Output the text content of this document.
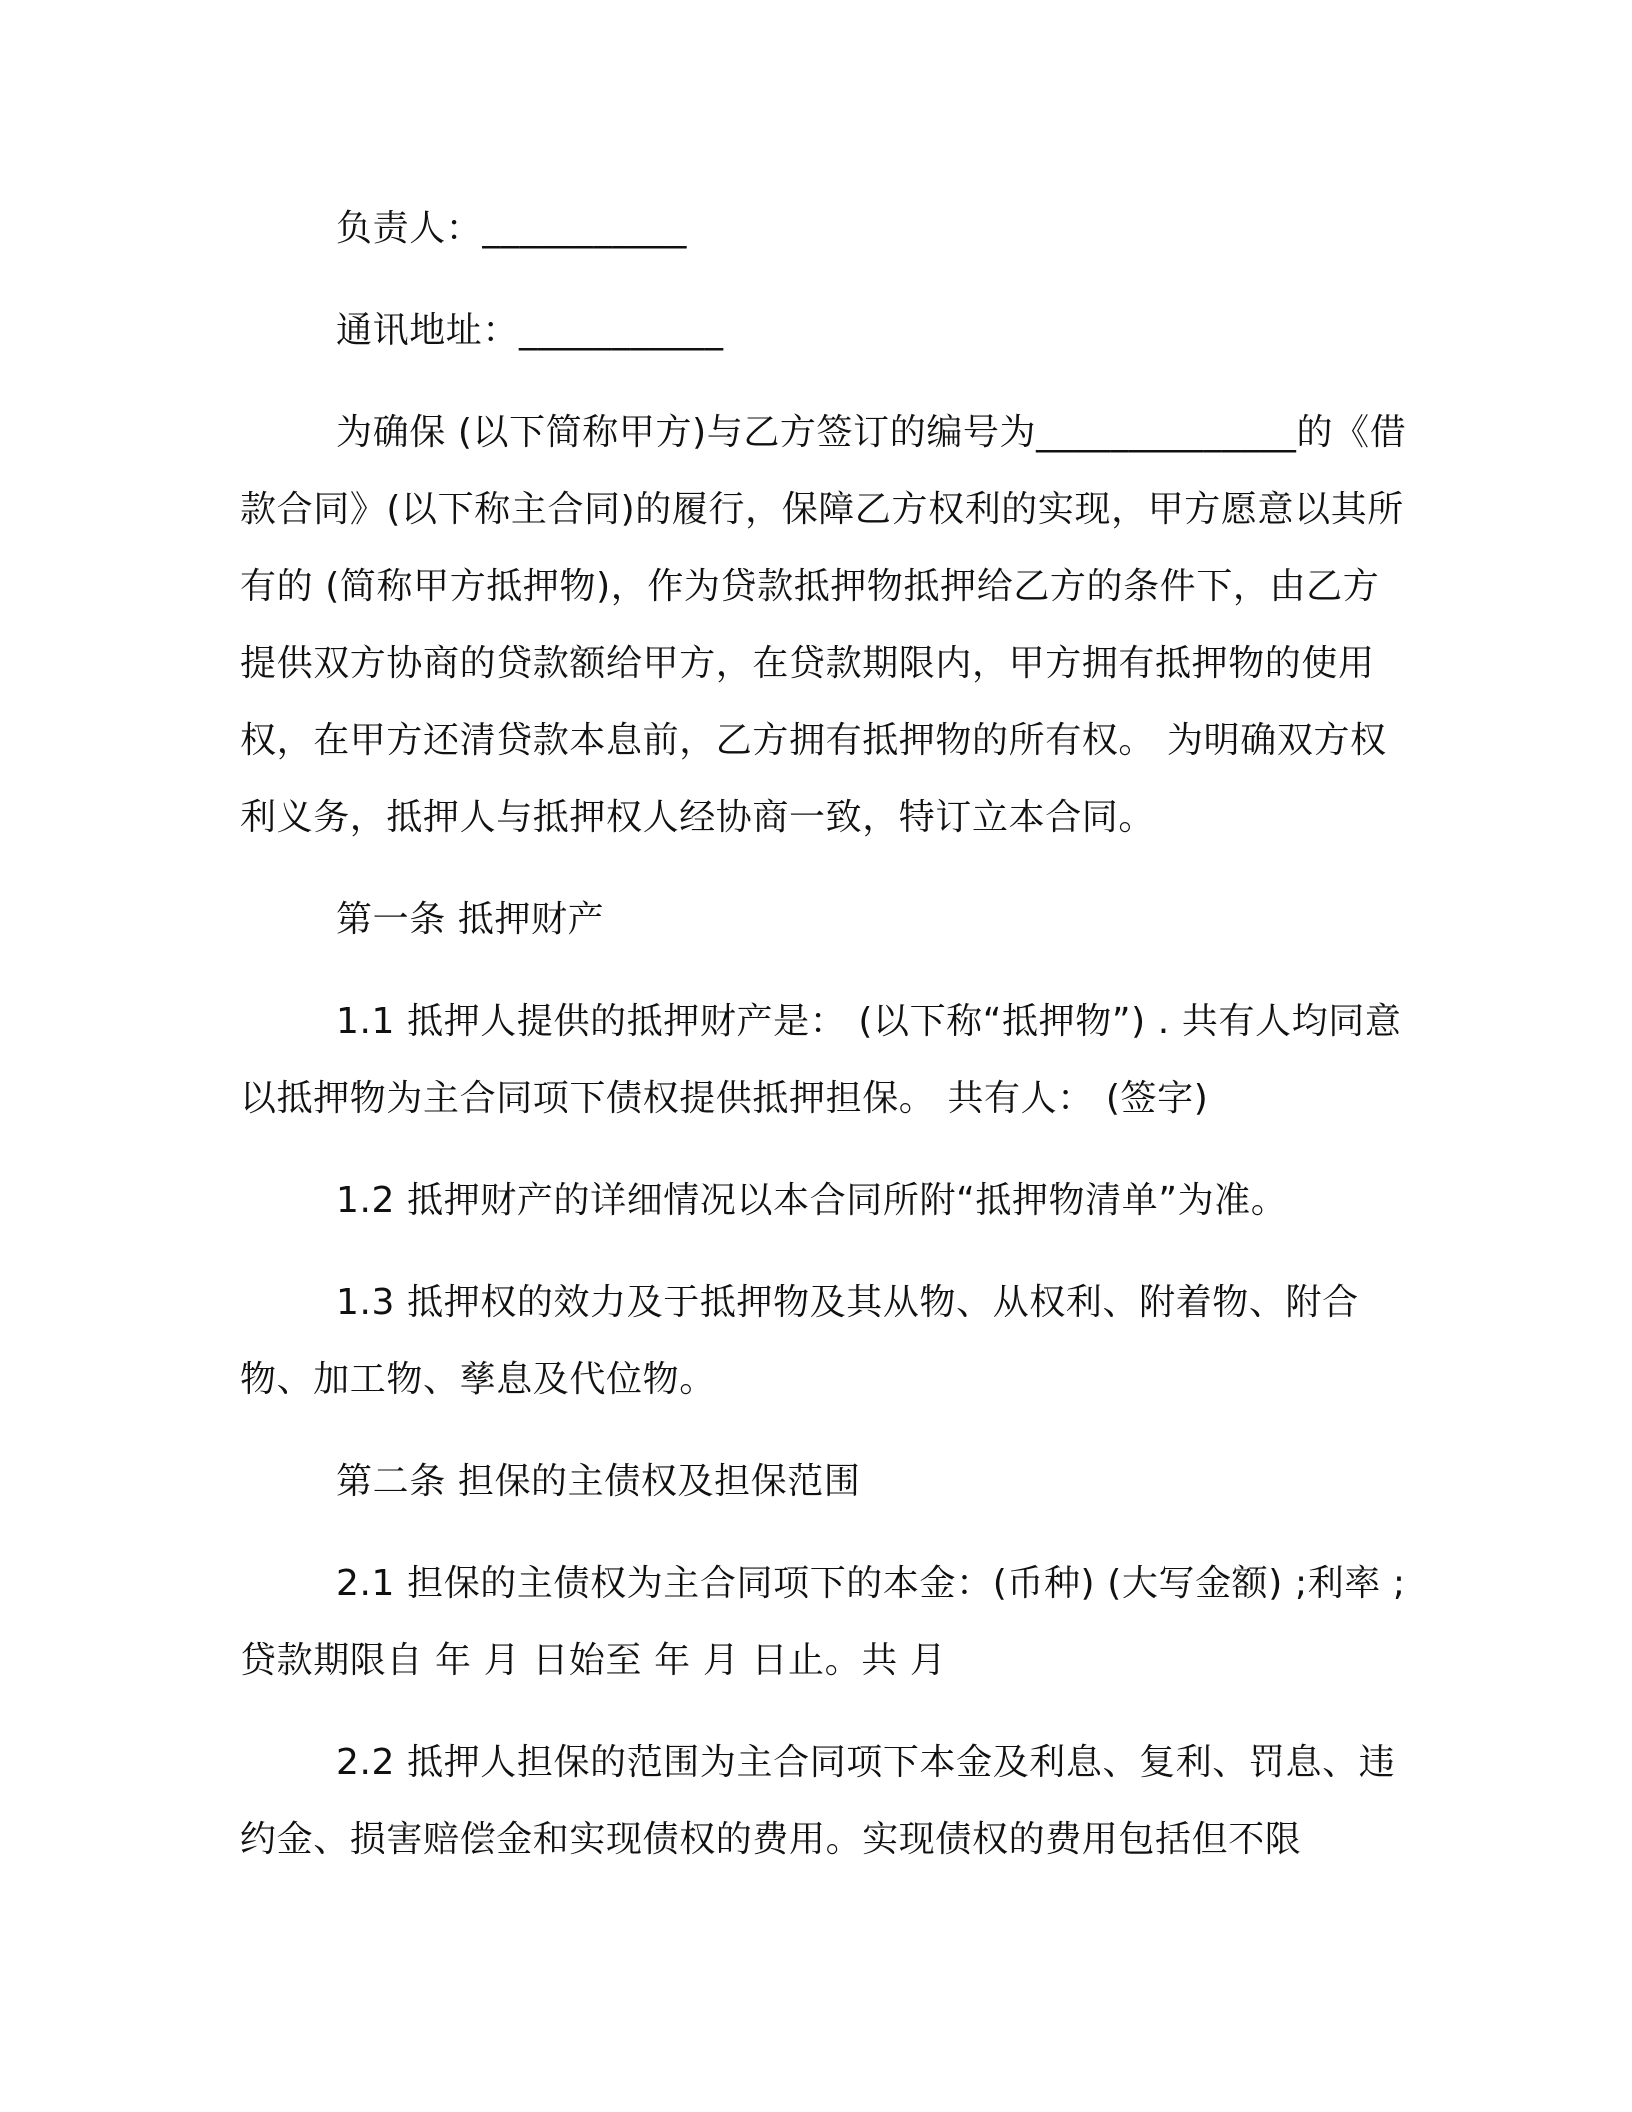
负责人：___________

通讯地址：___________

为确保 (以下简称甲方)与乙方签订的编号为______________的《借款合同》(以下称主合同)的履行，保障乙方权利的实现，甲方愿意以其所有的 (简称甲方抵押物)，作为贷款抵押物抵押给乙方的条件下，由乙方提供双方协商的贷款额给甲方，在贷款期限内，甲方拥有抵押物的使用权，在甲方还清贷款本息前，乙方拥有抵押物的所有权。 为明确双方权利义务，抵押人与抵押权人经协商一致，特订立本合同。

第一条 抵押财产

1.1 抵押人提供的抵押财产是： (以下称“抵押物”) . 共有人均同意以抵押物为主合同项下债权提供抵押担保。 共有人： (签字)

1.2 抵押财产的详细情况以本合同所附“抵押物清单”为准。

1.3 抵押权的效力及于抵押物及其从物、从权利、附着物、附合物、加工物、孳息及代位物。

第二条 担保的主债权及担保范围

2.1 担保的主债权为主合同项下的本金：(币种) (大写金额) ;利率 ;贷款期限自 年 月 日始至 年 月 日止。共 月

2.2 抵押人担保的范围为主合同项下本金及利息、复利、罚息、违约金、损害赔偿金和实现债权的费用。实现债权的费用包括但不限
